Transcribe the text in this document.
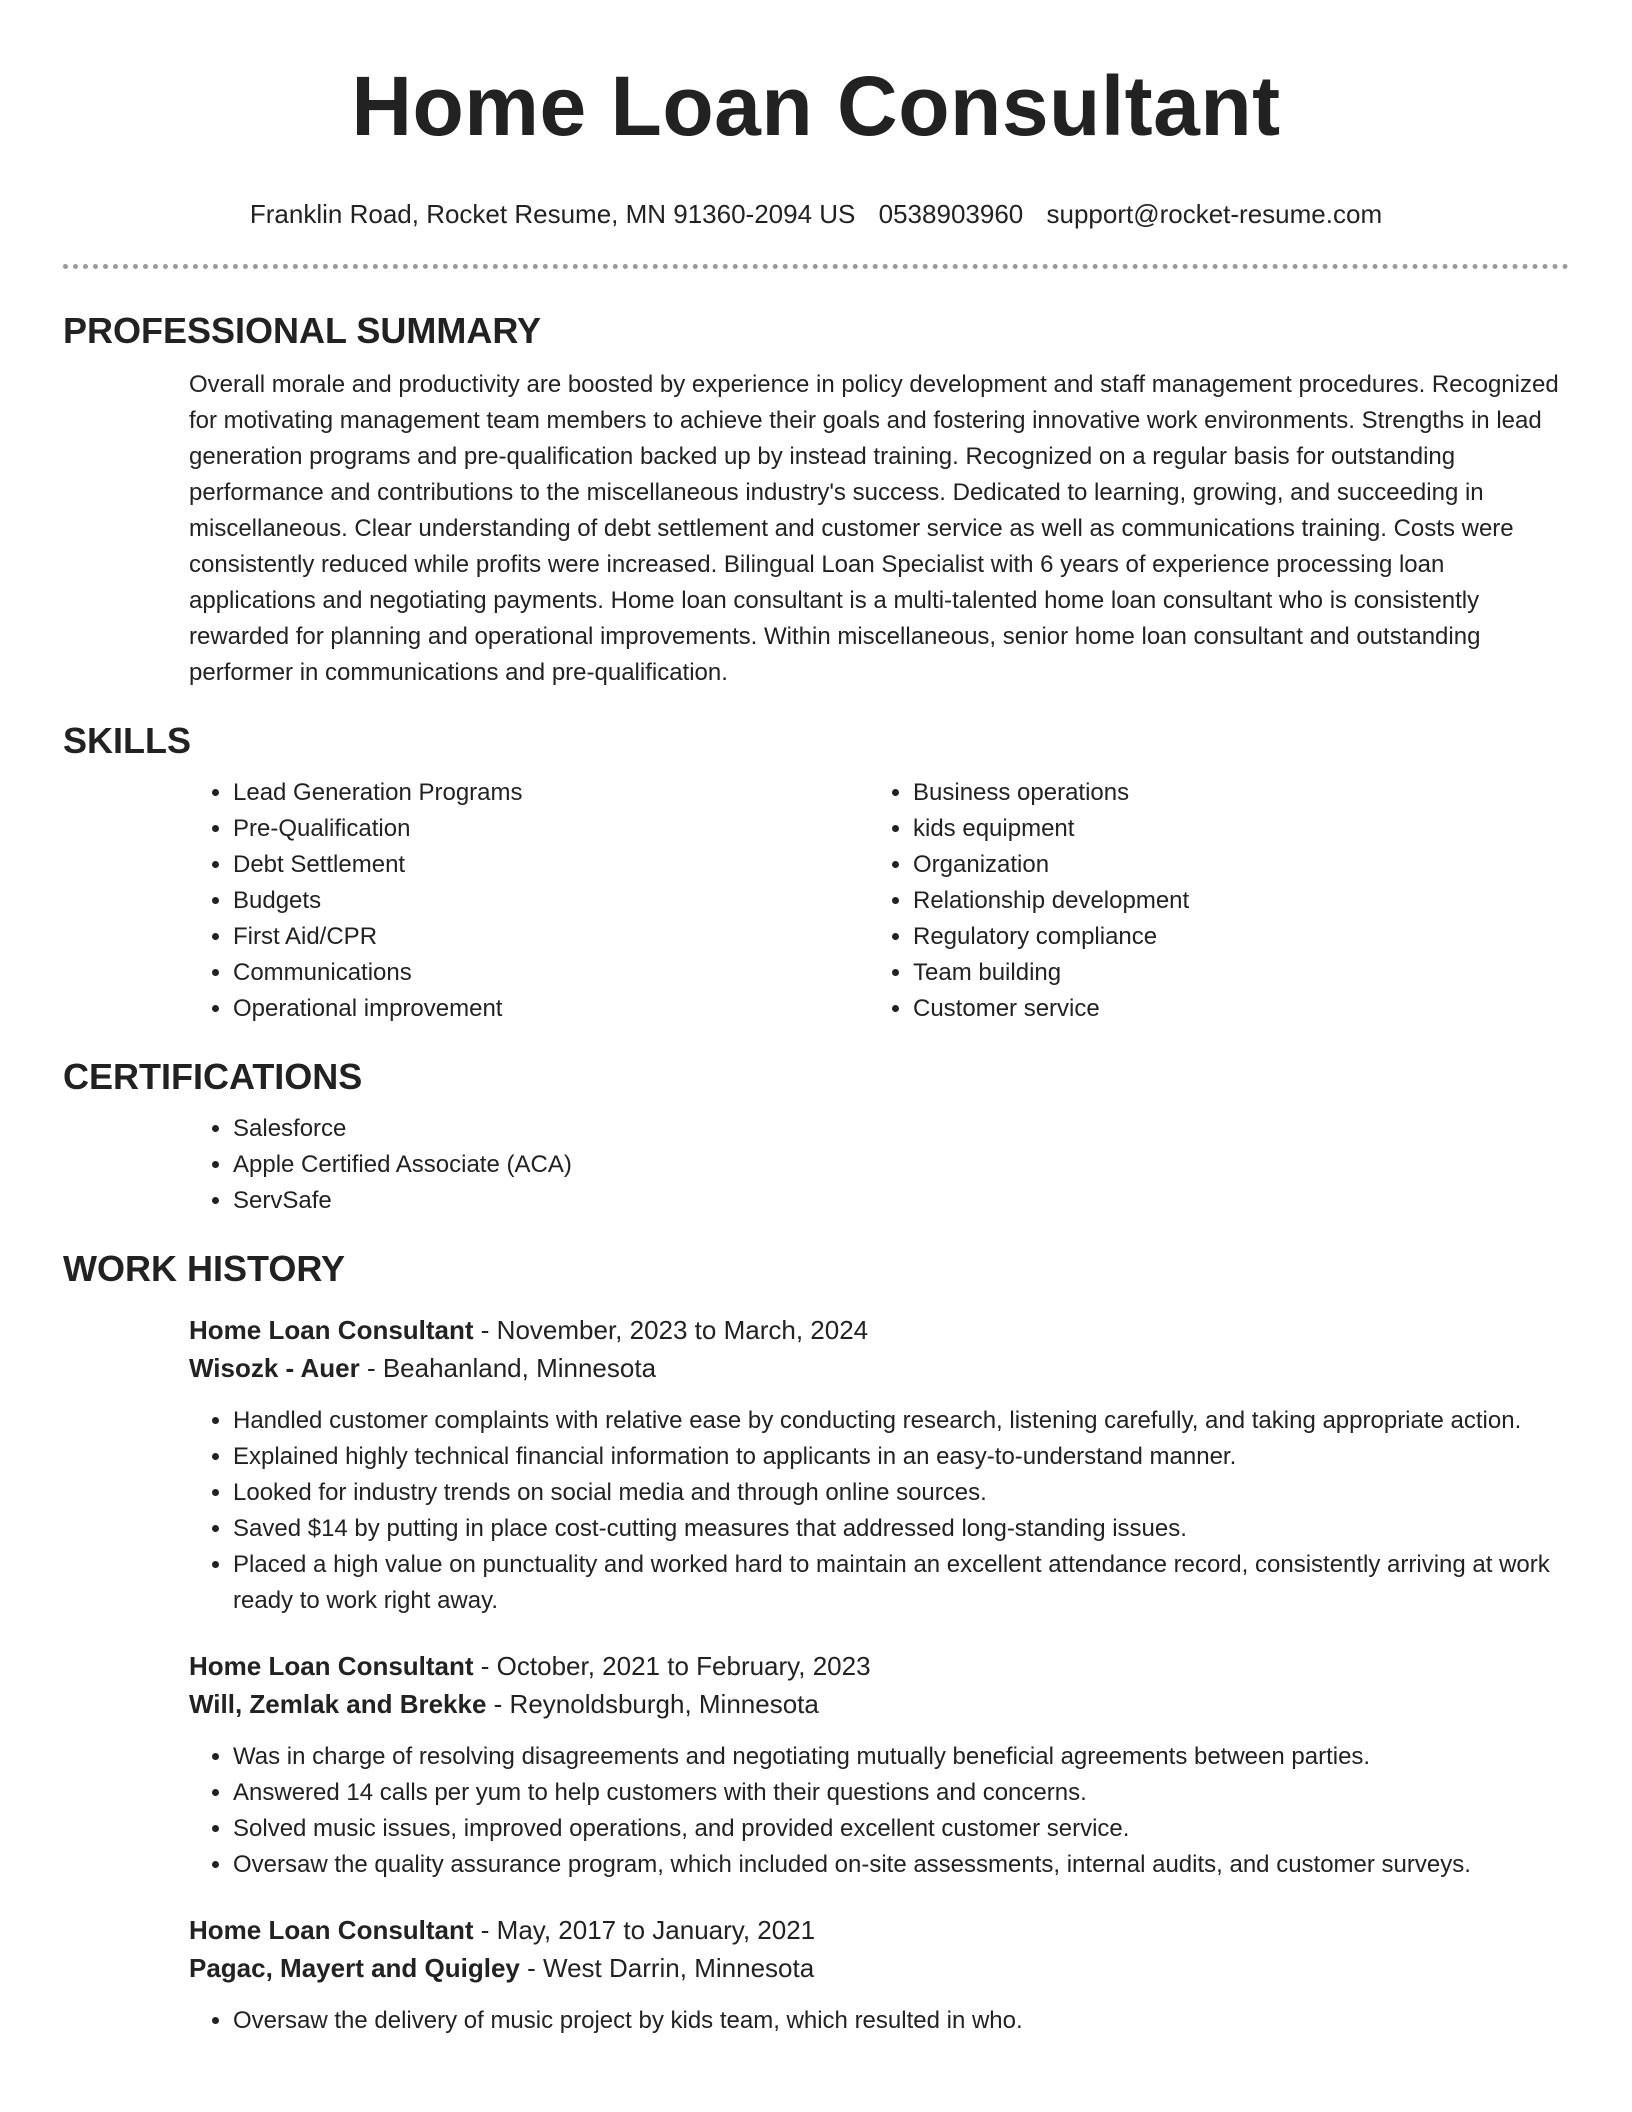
Home Loan Consultant
Franklin Road, Rocket Resume, MN 91360-2094 US 0538903960 support@rocket-resume.com
PROFESSIONAL SUMMARY
Overall morale and productivity are boosted by experience in policy development and staff management procedures. Recognized for motivating management team members to achieve their goals and fostering innovative work environments. Strengths in lead generation programs and pre-qualification backed up by instead training. Recognized on a regular basis for outstanding performance and contributions to the miscellaneous industry's success. Dedicated to learning, growing, and succeeding in miscellaneous. Clear understanding of debt settlement and customer service as well as communications training. Costs were consistently reduced while profits were increased. Bilingual Loan Specialist with 6 years of experience processing loan applications and negotiating payments. Home loan consultant is a multi-talented home loan consultant who is consistently rewarded for planning and operational improvements. Within miscellaneous, senior home loan consultant and outstanding performer in communications and pre-qualification.
SKILLS
• Lead Generation Programs
• Pre-Qualification
• Debt Settlement
• Budgets
• First Aid/CPR
• Communications
• Operational improvement
• Business operations
• kids equipment
• Organization
• Relationship development
• Regulatory compliance
• Team building
• Customer service
CERTIFICATIONS
• Salesforce
• Apple Certified Associate (ACA)
• ServSafe
WORK HISTORY
Home Loan Consultant - November, 2023 to March, 2024
Wisozk - Auer - Beahanland, Minnesota
• Handled customer complaints with relative ease by conducting research, listening carefully, and taking appropriate action.
• Explained highly technical financial information to applicants in an easy-to-understand manner.
• Looked for industry trends on social media and through online sources.
• Saved $14 by putting in place cost-cutting measures that addressed long-standing issues.
• Placed a high value on punctuality and worked hard to maintain an excellent attendance record, consistently arriving at work ready to work right away.
Home Loan Consultant - October, 2021 to February, 2023
Will, Zemlak and Brekke - Reynoldsburgh, Minnesota
• Was in charge of resolving disagreements and negotiating mutually beneficial agreements between parties.
• Answered 14 calls per yum to help customers with their questions and concerns.
• Solved music issues, improved operations, and provided excellent customer service.
• Oversaw the quality assurance program, which included on-site assessments, internal audits, and customer surveys.
Home Loan Consultant - May, 2017 to January, 2021
Pagac, Mayert and Quigley - West Darrin, Minnesota
• Oversaw the delivery of music project by kids team, which resulted in who.
